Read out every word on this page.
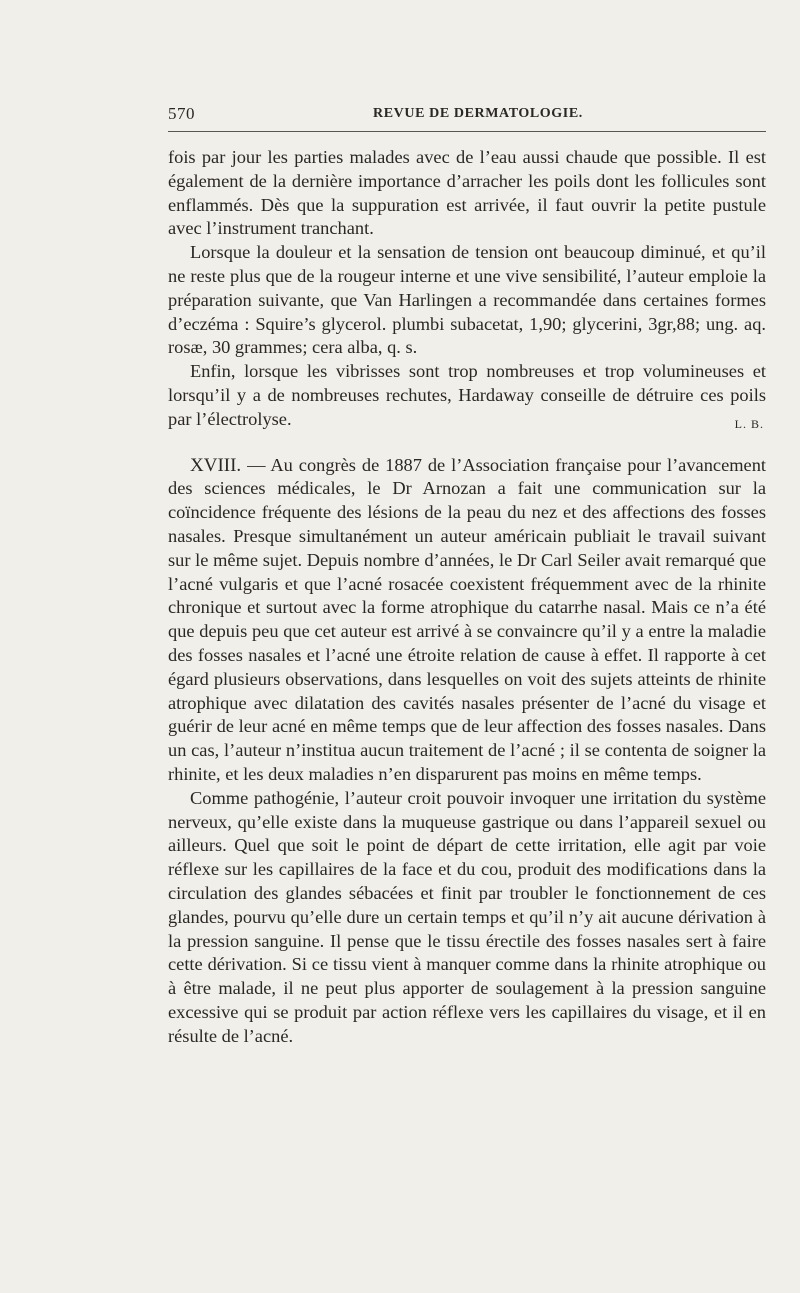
570	REVUE DE DERMATOLOGIE.

fois par jour les parties malades avec de l’eau aussi chaude que possible. Il est également de la dernière importance d’arracher les poils dont les follicules sont enflammés. Dès que la suppuration est arrivée, il faut ouvrir la petite pustule avec l’instrument tranchant.

Lorsque la douleur et la sensation de tension ont beaucoup diminué, et qu’il ne reste plus que de la rougeur interne et une vive sensibilité, l’auteur emploie la préparation suivante, que Van Harlingen a recommandée dans certaines formes d’eczéma : Squire’s glycerol. plumbi subacetat, 1,90; glycerini, 3gr,88; ung. aq. rosæ, 30 grammes; cera alba, q. s.

Enfin, lorsque les vibrisses sont trop nombreuses et trop volumineuses et lorsqu’il y a de nombreuses rechutes, Hardaway conseille de détruire ces poils par l’électrolyse.	L. B.

XVIII. — Au congrès de 1887 de l’Association française pour l’avancement des sciences médicales, le Dr Arnozan a fait une communication sur la coïncidence fréquente des lésions de la peau du nez et des affections des fosses nasales. Presque simultanément un auteur américain publiait le travail suivant sur le même sujet. Depuis nombre d’années, le Dr Carl Seiler avait remarqué que l’acné vulgaris et que l’acné rosacée coexistent fréquemment avec de la rhinite chronique et surtout avec la forme atrophique du catarrhe nasal. Mais ce n’a été que depuis peu que cet auteur est arrivé à se convaincre qu’il y a entre la maladie des fosses nasales et l’acné une étroite relation de cause à effet. Il rapporte à cet égard plusieurs observations, dans lesquelles on voit des sujets atteints de rhinite atrophique avec dilatation des cavités nasales présenter de l’acné du visage et guérir de leur acné en même temps que de leur affection des fosses nasales. Dans un cas, l’auteur n’institua aucun traitement de l’acné ; il se contenta de soigner la rhinite, et les deux maladies n’en disparurent pas moins en même temps.

Comme pathogénie, l’auteur croit pouvoir invoquer une irritation du système nerveux, qu’elle existe dans la muqueuse gastrique ou dans l’appareil sexuel ou ailleurs. Quel que soit le point de départ de cette irritation, elle agit par voie réflexe sur les capillaires de la face et du cou, produit des modifications dans la circulation des glandes sébacées et finit par troubler le fonctionnement de ces glandes, pourvu qu’elle dure un certain temps et qu’il n’y ait aucune dérivation à la pression sanguine. Il pense que le tissu érectile des fosses nasales sert à faire cette dérivation. Si ce tissu vient à manquer comme dans la rhinite atrophique ou à être malade, il ne peut plus apporter de soulagement à la pression sanguine excessive qui se produit par action réflexe vers les capillaires du visage, et il en résulte de l’acné.
